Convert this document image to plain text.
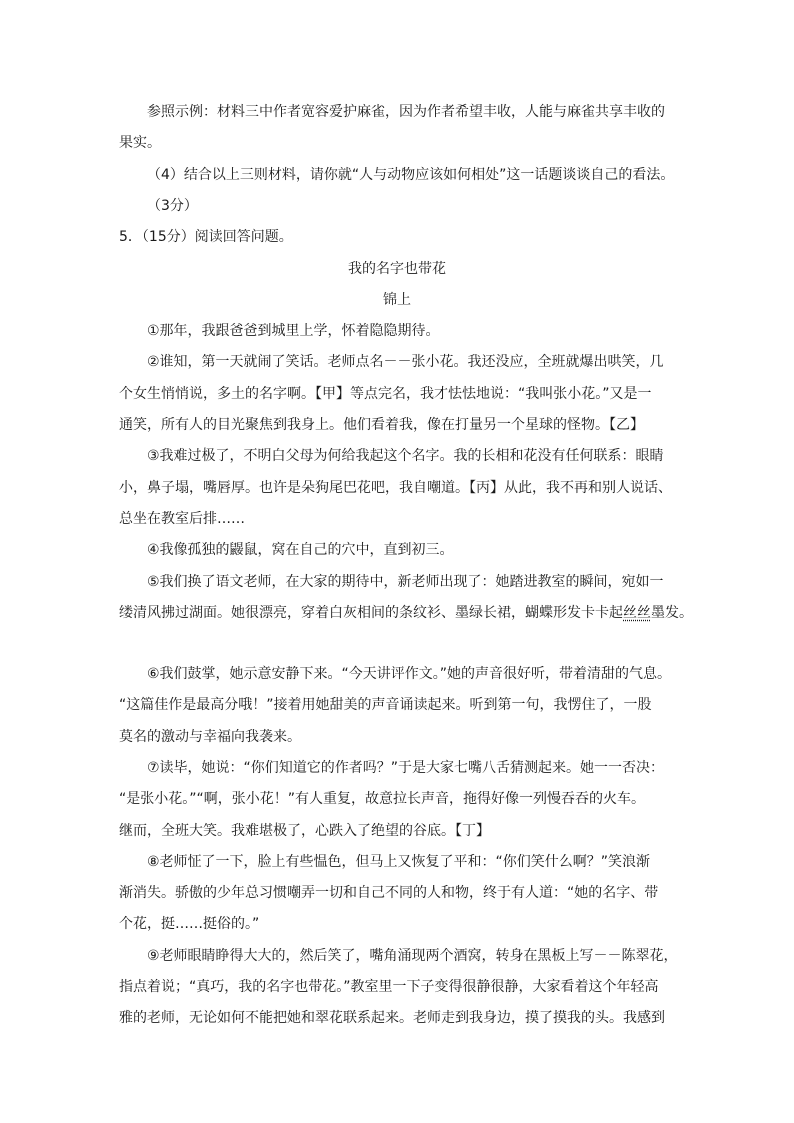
参照示例：材料三中作者宽容爱护麻雀，因为作者希望丰收，人能与麻雀共享丰收的
果实。
（4）结合以上三则材料，请你就“人与动物应该如何相处”这一话题谈谈自己的看法。
（3分）
5．（15分）阅读回答问题。
我的名字也带花
锦上
①那年，我跟爸爸到城里上学，怀着隐隐期待。
②谁知，第一天就闹了笑话。老师点名－－张小花。我还没应，全班就爆出哄笑，几
个女生悄悄说，多土的名字啊。【甲】等点完名，我才怯怯地说：“我叫张小花。”又是一
通笑，所有人的目光聚焦到我身上。他们看着我，像在打量另一个星球的怪物。【乙】
③我难过极了，不明白父母为何给我起这个名字。我的长相和花没有任何联系：眼睛
小，鼻子塌，嘴唇厚。也许是朵狗尾巴花吧，我自嘲道。【丙】从此，我不再和别人说话、
总坐在教室后排……
④我像孤独的鼹鼠，窝在自己的穴中，直到初三。
⑤我们换了语文老师，在大家的期待中，新老师出现了：她踏进教室的瞬间，宛如一
缕清风拂过湖面。她很漂亮，穿着白灰相间的条纹衫、墨绿长裙，蝴蝶形发卡卡起丝丝墨发。
⑥我们鼓掌，她示意安静下来。“今天讲评作文。”她的声音很好听，带着清甜的气息。
“这篇佳作是最高分哦！”接着用她甜美的声音诵读起来。听到第一句，我愣住了，一股
莫名的激动与幸福向我袭来。
⑦读毕，她说：“你们知道它的作者吗？”于是大家七嘴八舌猜测起来。她一一否决：
“是张小花。”“啊，张小花！”有人重复，故意拉长声音，拖得好像一列慢吞吞的火车。
继而，全班大笑。我难堪极了，心跌入了绝望的谷底。【丁】
⑧老师怔了一下，脸上有些愠色，但马上又恢复了平和：“你们笑什么啊？”笑浪渐
渐消失。骄傲的少年总习惯嘲弄一切和自己不同的人和物，终于有人道：“她的名字、带
个花，挺……挺俗的。”
⑨老师眼睛睁得大大的，然后笑了，嘴角涌现两个酒窝，转身在黑板上写－－陈翠花，
指点着说；“真巧，我的名字也带花。”教室里一下子变得很静很静，大家看着这个年轻高
雅的老师，无论如何不能把她和翠花联系起来。老师走到我身边，摸了摸我的头。我感到
